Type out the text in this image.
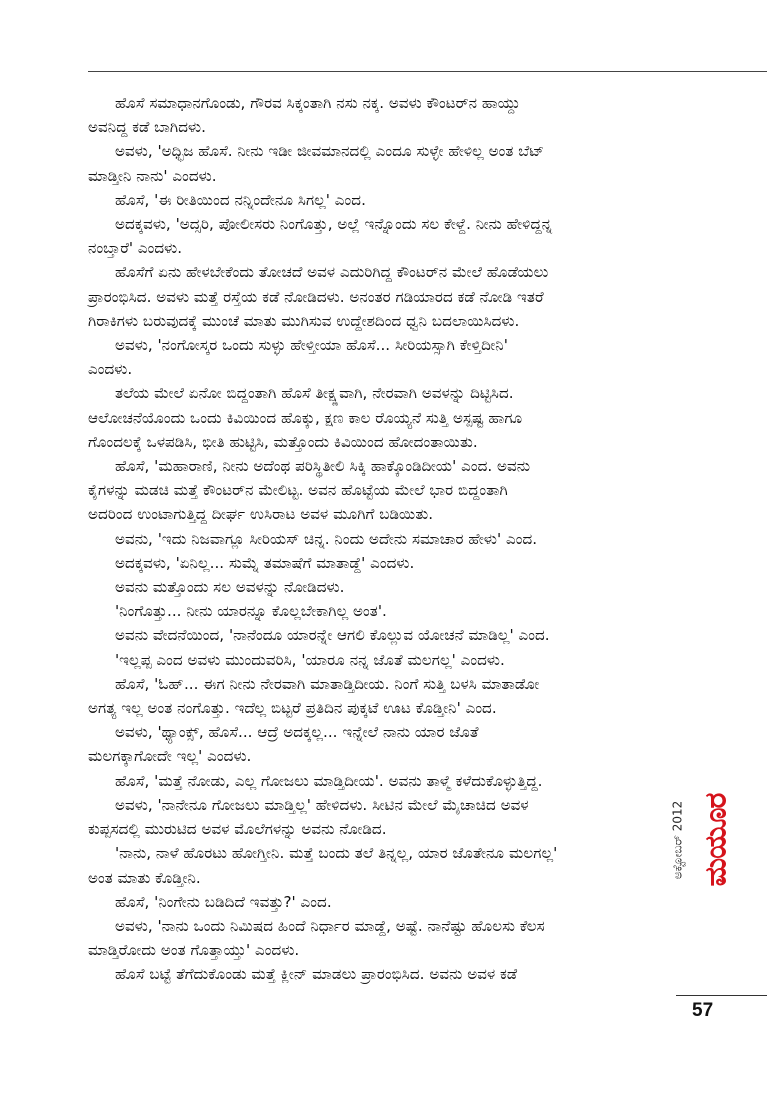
ಹೊಸೆ ಸಮಾಧಾನಗೊಂಡು, ಗೌರವ ಸಿಕ್ಕಂತಾಗಿ ನಸು ನಕ್ಕ. ಅವಳು ಕೌಂಟರ್‌ನ ಹಾಯ್ದು

ಅವನಿದ್ದ ಕಡೆ ಬಾಗಿದಳು.

ಅವಳು, 'ಅಧ್ಭಿಜ ಹೊಸೆ. ನೀನು ಇಡೀ ಜೀವಮಾನದಲ್ಲಿ ಎಂದೂ ಸುಳ್ಳೇ ಹೇಳಿಲ್ಲ ಅಂತ ಬೆಟ್

ಮಾಡ್ತೀನಿ ನಾನು' ಎಂದಳು.

ಹೊಸೆ, 'ಈ ರೀತಿಯಿಂದ ನನ್ನಿಂದೇನೂ ಸಿಗಲ್ಲ' ಎಂದ.

ಅದಕ್ಕವಳು, 'ಅದ್ಸರಿ, ಪೋಲೀಸರು ನಿಂಗೊತ್ತು, ಅಲ್ಲೆ ಇನ್ನೊಂದು ಸಲ ಕೇಳ್ದೆ. ನೀನು ಹೇಳಿದ್ದನ್ನ

ನಂಬ್ತಾರೆ' ಎಂದಳು.

ಹೊಸೆಗೆ ಏನು ಹೇಳಬೇಕೆಂದು ತೋಚದೆ ಅವಳ ಎದುರಿಗಿದ್ದ ಕೌಂಟರ್‌ನ ಮೇಲೆ ಹೊಡೆಯಲು

ಪ್ರಾರಂಭಿಸಿದ. ಅವಳು ಮತ್ತೆ ರಸ್ತೆಯ ಕಡೆ ನೋಡಿದಳು. ಅನಂತರ ಗಡಿಯಾರದ ಕಡೆ ನೋಡಿ ಇತರೆ

ಗಿರಾಕಿಗಳು ಬರುವುದಕ್ಕೆ ಮುಂಚೆ ಮಾತು ಮುಗಿಸುವ ಉದ್ದೇಶದಿಂದ ಧ್ವನಿ ಬದಲಾಯಿಸಿದಳು.

ಅವಳು, 'ನಂಗೋಸ್ಕರ ಒಂದು ಸುಳ್ಳು ಹೇಳ್ತೀಯಾ ಹೊಸೆ... ಸೀರಿಯಸ್ಸಾಗಿ ಕೇಳ್ತಿದೀನಿ'

ಎಂದಳು.

ತಲೆಯ ಮೇಲೆ ಏನೋ ಬಿದ್ದಂತಾಗಿ ಹೊಸೆ ತೀಕ್ಷ್ಣವಾಗಿ, ನೇರವಾಗಿ ಅವಳನ್ನು ದಿಟ್ಟಿಸಿದ.

ಆಲೋಚನೆಯೊಂದು ಒಂದು ಕಿವಿಯಿಂದ ಹೊಕ್ಕು, ಕ್ಷಣ ಕಾಲ ರೊಯ್ಯನೆ ಸುತ್ತಿ ಅಸ್ಪಷ್ಟ ಹಾಗೂ

ಗೊಂದಲಕ್ಕೆ ಒಳಪಡಿಸಿ, ಭೀತಿ ಹುಟ್ಟಿಸಿ, ಮತ್ತೊಂದು ಕಿವಿಯಿಂದ ಹೋದಂತಾಯಿತು.

ಹೊಸೆ, 'ಮಹಾರಾಣಿ, ನೀನು ಅದೆಂಥ ಪರಿಸ್ಥಿತೀಲಿ ಸಿಕ್ಕಿ ಹಾಕ್ಕೊಂಡಿದೀಯ' ಎಂದ. ಅವನು

ಕೈಗಳನ್ನು ಮಡಚಿ ಮತ್ತೆ ಕೌಂಟರ್‌ನ ಮೇಲಿಟ್ಟ. ಅವನ ಹೊಟ್ಟೆಯ ಮೇಲೆ ಭಾರ ಬಿದ್ದಂತಾಗಿ

ಅದರಿಂದ ಉಂಟಾಗುತ್ತಿದ್ದ ದೀರ್ಘ ಉಸಿರಾಟ ಅವಳ ಮೂಗಿಗೆ ಬಡಿಯಿತು.

ಅವನು, 'ಇದು ನಿಜವಾಗ್ಲೂ ಸೀರಿಯಸ್ ಚಿನ್ನ. ನಿಂದು ಅದೇನು ಸಮಾಚಾರ ಹೇಳು' ಎಂದ.

ಅದಕ್ಕವಳು, 'ಏನಿಲ್ಲ... ಸುಮ್ನೆ ತಮಾಷೆಗೆ ಮಾತಾಡ್ದೆ' ಎಂದಳು.

ಅವನು ಮತ್ತೊಂದು ಸಲ ಅವಳನ್ನು ನೋಡಿದಳು.

'ನಿಂಗೊತ್ತು... ನೀನು ಯಾರನ್ನೂ ಕೊಲ್ಲಬೇಕಾಗಿಲ್ಲ ಅಂತ'.

ಅವನು ವೇದನೆಯಿಂದ, 'ನಾನೆಂದೂ ಯಾರನ್ನೇ ಆಗಲಿ ಕೊಲ್ಲುವ ಯೋಚನೆ ಮಾಡಿಲ್ಲ' ಎಂದ.

'ಇಲ್ಲಪ್ಪ ಎಂದ ಅವಳು ಮುಂದುವರಿಸಿ, 'ಯಾರೂ ನನ್ನ ಜೊತೆ ಮಲಗಲ್ಲ' ಎಂದಳು.

ಹೊಸೆ, 'ಓಹ್... ಈಗ ನೀನು ನೇರವಾಗಿ ಮಾತಾಡ್ತಿದೀಯ. ನಿಂಗೆ ಸುತ್ತಿ ಬಳಸಿ ಮಾತಾಡೋ

ಅಗತ್ಯ ಇಲ್ಲ ಅಂತ ನಂಗೊತ್ತು. ಇದೆಲ್ಲ ಬಿಟ್ಟರೆ ಪ್ರತಿದಿನ ಪುಕ್ಕಟೆ ಊಟ ಕೊಡ್ತೀನಿ' ಎಂದ.

ಅವಳು, 'ಥ್ಯಾಂಕ್ಸ್, ಹೊಸೆ... ಆದ್ರೆ ಅದಕ್ಕಲ್ಲ... ಇನ್ನೇಲೆ ನಾನು ಯಾರ ಜೊತೆ

ಮಲಗಕ್ಕಾಗೋದೇ ಇಲ್ಲ' ಎಂದಳು.

ಹೊಸೆ, 'ಮತ್ತೆ ನೋಡು, ಎಲ್ಲ ಗೋಜಲು ಮಾಡ್ತಿದೀಯ'. ಅವನು ತಾಳ್ಮೆ ಕಳೆದುಕೊಳ್ಳುತ್ತಿದ್ದ.

ಅವಳು, 'ನಾನೇನೂ ಗೋಜಲು ಮಾಡ್ತಿಲ್ಲ' ಹೇಳಿದಳು. ಸೀಟಿನ ಮೇಲೆ ಮೈಚಾಚಿದ ಅವಳ

ಕುಪ್ಪಸದಲ್ಲಿ ಮುರುಟಿದ ಅವಳ ಮೊಲೆಗಳನ್ನು ಅವನು ನೋಡಿದ.

'ನಾನು, ನಾಳೆ ಹೊರಟು ಹೋಗ್ತೀನಿ. ಮತ್ತೆ ಬಂದು ತಲೆ ತಿನ್ನಲ್ಲ, ಯಾರ ಜೊತೇನೂ ಮಲಗಲ್ಲ'

ಅಂತ ಮಾತು ಕೊಡ್ತೀನಿ.

ಹೊಸೆ, 'ನಿಂಗೇನು ಬಡಿದಿದೆ ಇವತ್ತು?' ಎಂದ.

ಅವಳು, 'ನಾನು ಒಂದು ನಿಮಿಷದ ಹಿಂದೆ ನಿರ್ಧಾರ ಮಾಡ್ದೆ, ಅಷ್ಟೆ. ನಾನೆಷ್ಟು ಹೊಲಸು ಕೆಲಸ

ಮಾಡ್ತಿರೋದು ಅಂತ ಗೊತ್ತಾಯ್ತು' ಎಂದಳು.

ಹೊಸೆ ಬಟ್ಟೆ ತೆಗೆದುಕೊಂಡು ಮತ್ತೆ ಕ್ಲೀನ್ ಮಾಡಲು ಪ್ರಾರಂಭಿಸಿದ. ಅವನು ಅವಳ ಕಡೆ

ಮಯೂರ
ಅಕ್ಟೋಬರ್ 2012
57
